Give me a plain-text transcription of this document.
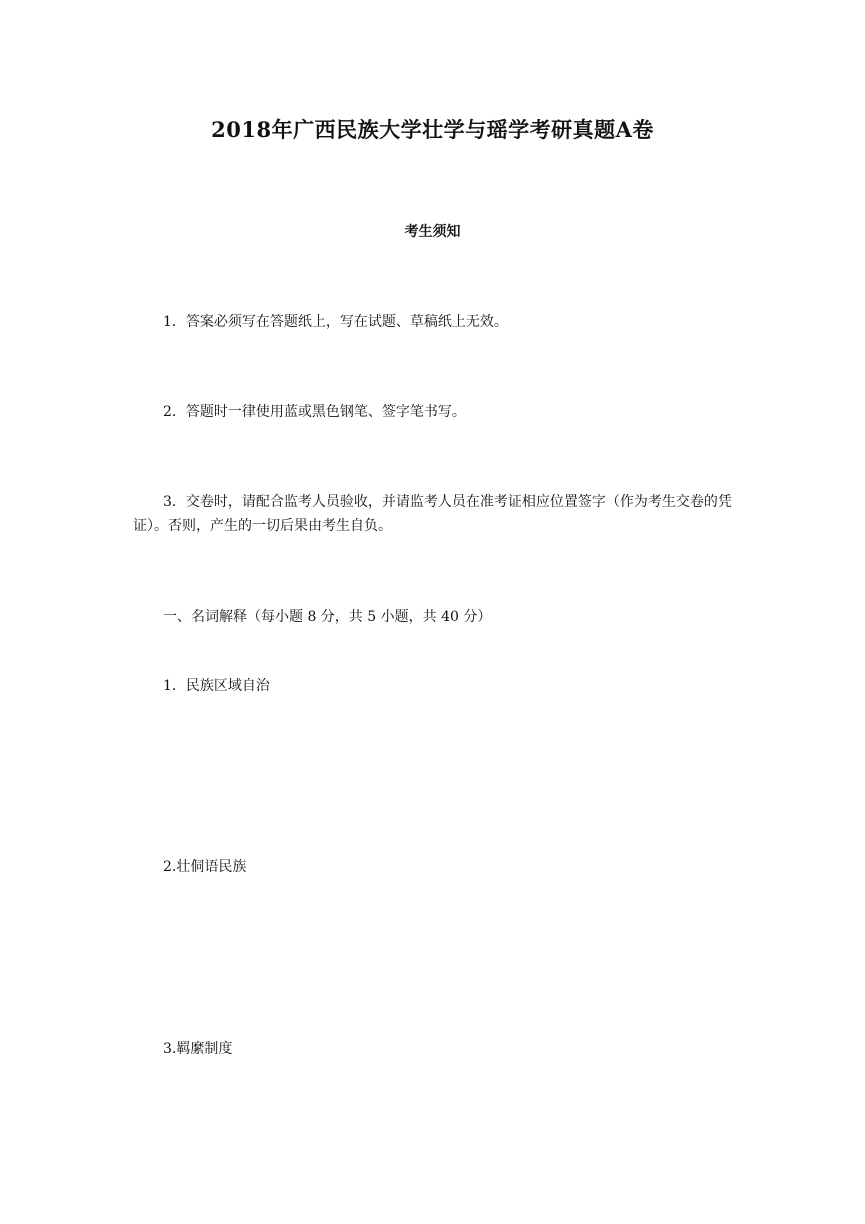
2018年广西民族大学壮学与瑶学考研真题A卷
考生须知
1．答案必须写在答题纸上，写在试题、草稿纸上无效。
2．答题时一律使用蓝或黑色钢笔、签字笔书写。
3．交卷时，请配合监考人员验收，并请监考人员在准考证相应位置签字（作为考生交卷的凭证）。否则，产生的一切后果由考生自负。
一、名词解释（每小题 8 分，共 5 小题，共 40 分）
1．民族区域自治
2.壮侗语民族
3.羁縻制度
